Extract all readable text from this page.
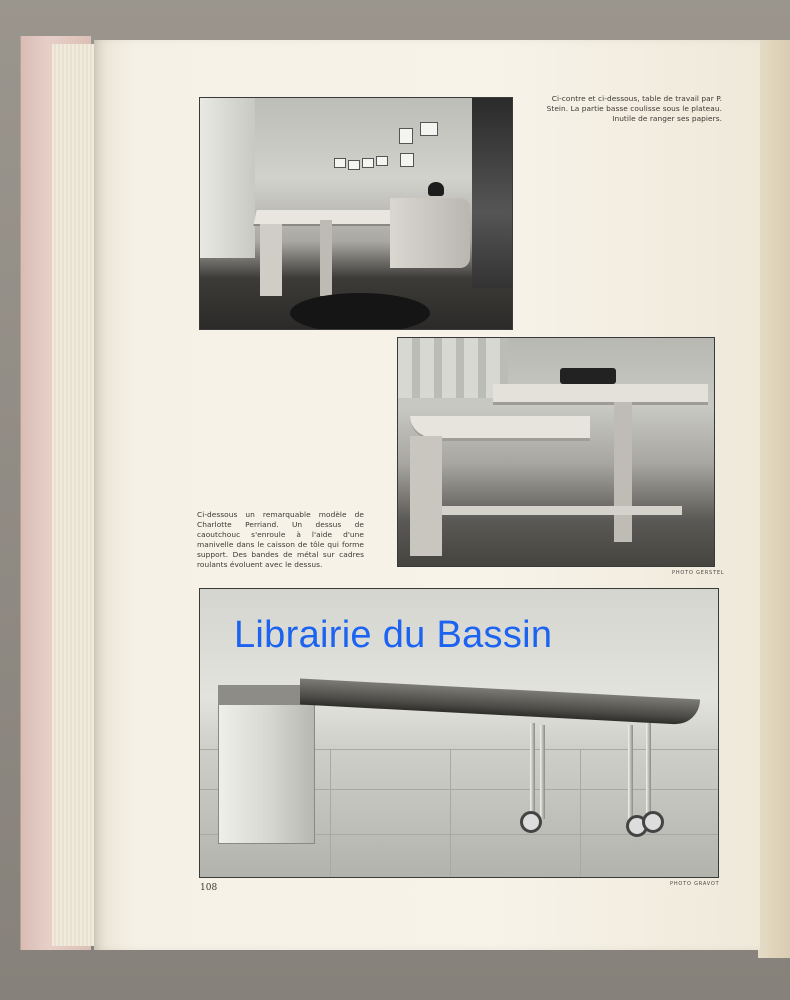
Ci-contre et ci-dessous, table de travail par P. Stein. La partie basse coulisse sous le plateau. Inutile de ranger ses papiers.
Ci-dessous un remarquable modèle de Charlotte Perriand. Un dessus de caoutchouc s'enroule à l'aide d'une manivelle dans le caisson de tôle qui forme support. Des bandes de métal sur cadres roulants évoluent avec le dessus.
PHOTO GERSTEL
PHOTO GRAVOT
108
Librairie du Bassin
